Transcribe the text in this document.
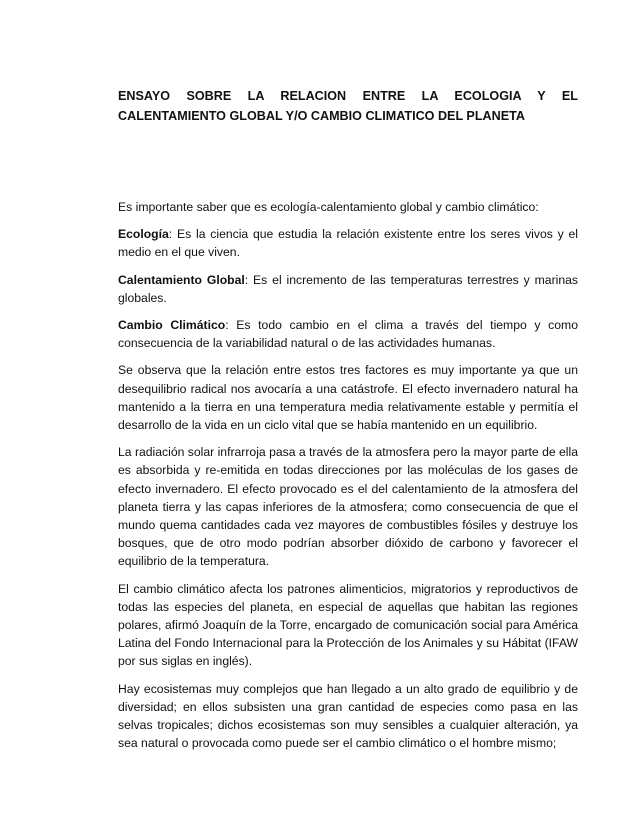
ENSAYO SOBRE LA RELACION ENTRE LA ECOLOGIA Y EL
CALENTAMIENTO GLOBAL Y/O CAMBIO CLIMATICO DEL PLANETA

Es importante saber que es ecología-calentamiento global y cambio climático:

Ecología: Es la ciencia que estudia la relación existente entre los seres vivos y el medio en el que viven.

Calentamiento Global: Es el incremento de las temperaturas terrestres y marinas globales.

Cambio Climático: Es todo cambio en el clima a través del tiempo y como consecuencia de la variabilidad natural o de las actividades humanas.

Se observa que la relación entre estos tres factores es muy importante ya que un desequilibrio radical nos avocaría a una catástrofe. El efecto invernadero natural ha mantenido a la tierra en una temperatura media relativamente estable y permitía el desarrollo de la vida en un ciclo vital que se había mantenido en un equilibrio.

La radiación solar infrarroja pasa a través de la atmosfera pero la mayor parte de ella es absorbida y re-emitida en todas direcciones por las moléculas de los gases de efecto invernadero. El efecto provocado es el del calentamiento de la atmosfera del planeta tierra y las capas inferiores de la atmosfera; como consecuencia de que el mundo quema cantidades cada vez mayores de combustibles fósiles y destruye los bosques, que de otro modo podrían absorber dióxido de carbono y favorecer el equilibrio de la temperatura.

El cambio climático afecta los patrones alimenticios, migratorios y reproductivos de todas las especies del planeta, en especial de aquellas que habitan las regiones polares, afirmó Joaquín de la Torre, encargado de comunicación social para América Latina del Fondo Internacional para la Protección de los Animales y su Hábitat (IFAW por sus siglas en inglés).

Hay ecosistemas muy complejos que han llegado a un alto grado de equilibrio y de diversidad; en ellos subsisten una gran cantidad de especies como pasa en las selvas tropicales; dichos ecosistemas son muy sensibles a cualquier alteración, ya sea natural o provocada como puede ser el cambio climático o el hombre mismo;
